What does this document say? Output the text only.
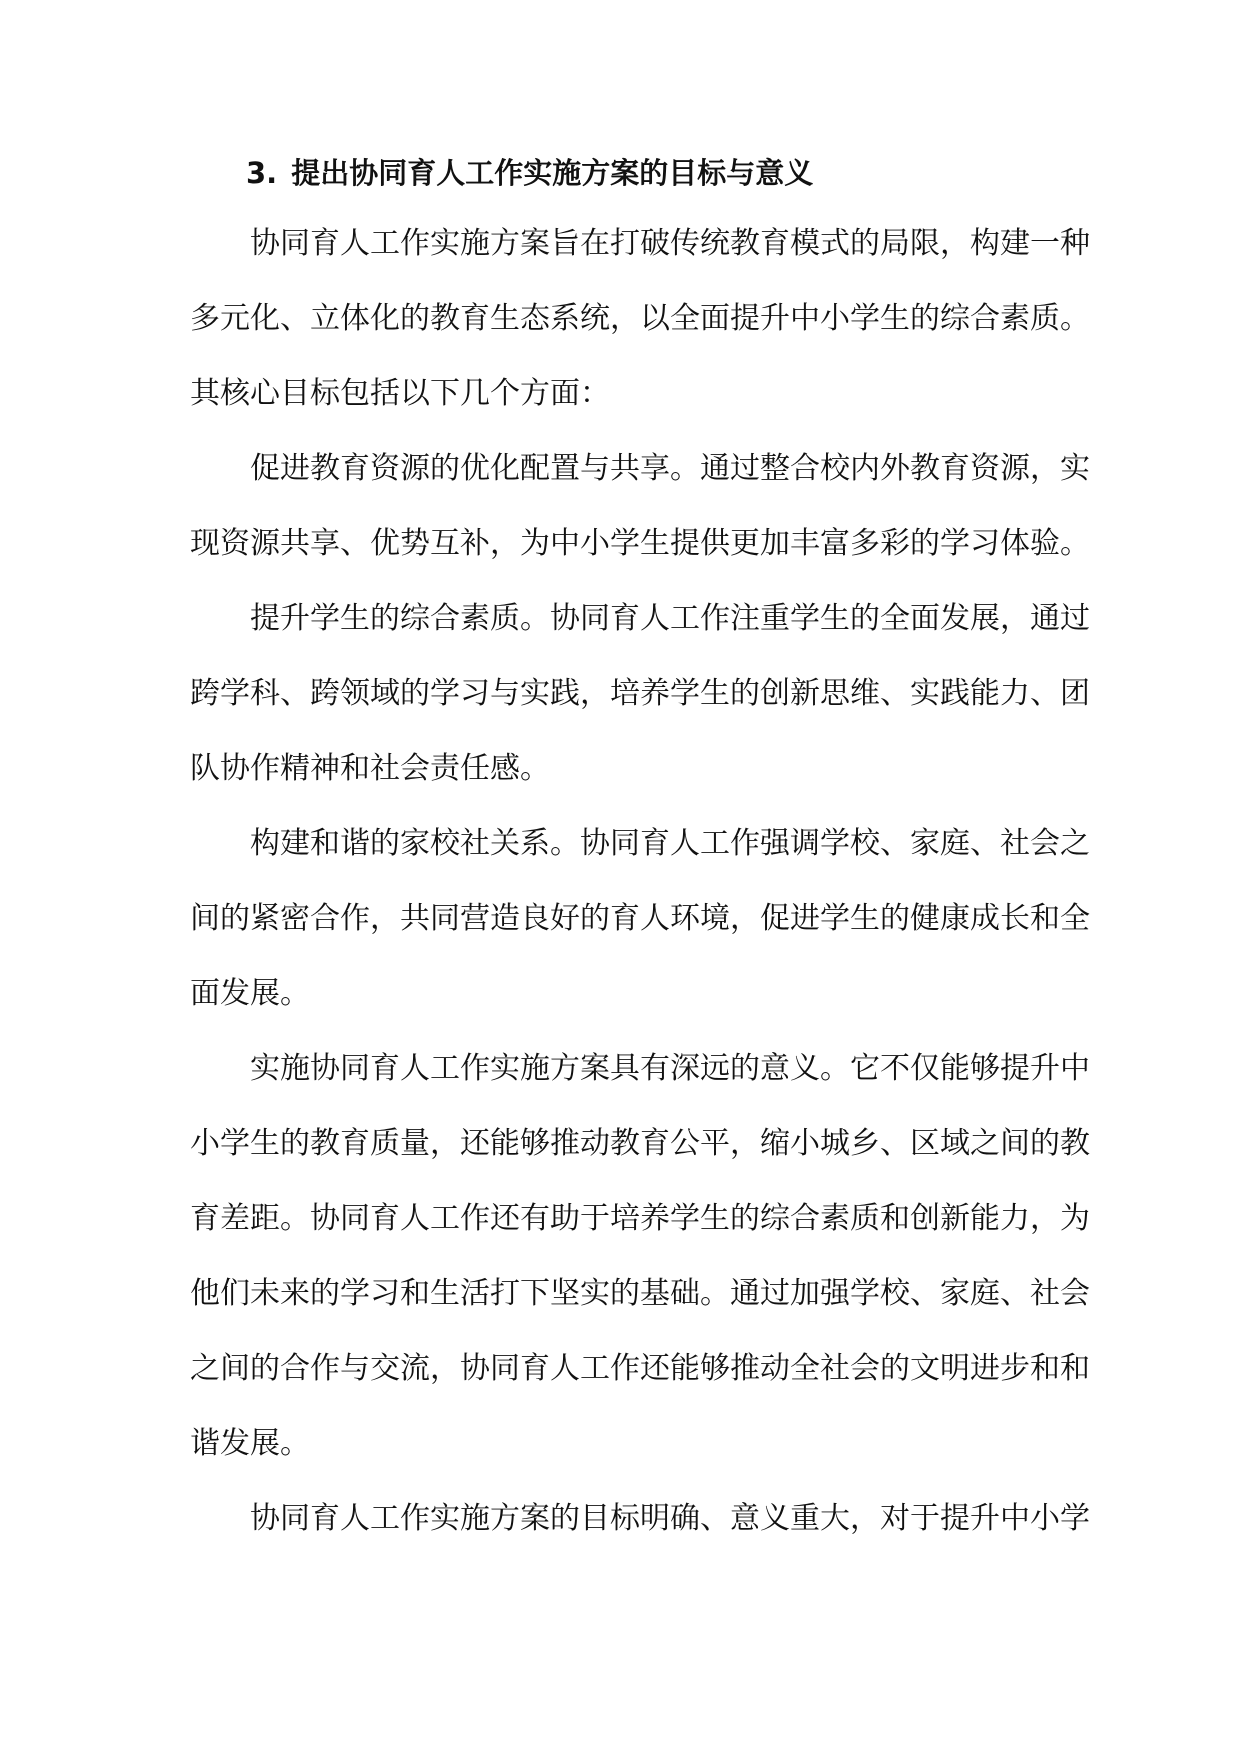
3. 提出协同育人工作实施方案的目标与意义
协同育人工作实施方案旨在打破传统教育模式的局限，构建一种
多元化、立体化的教育生态系统，以全面提升中小学生的综合素质。
其核心目标包括以下几个方面：
促进教育资源的优化配置与共享。通过整合校内外教育资源，实
现资源共享、优势互补，为中小学生提供更加丰富多彩的学习体验。
提升学生的综合素质。协同育人工作注重学生的全面发展，通过
跨学科、跨领域的学习与实践，培养学生的创新思维、实践能力、团
队协作精神和社会责任感。
构建和谐的家校社关系。协同育人工作强调学校、家庭、社会之
间的紧密合作，共同营造良好的育人环境，促进学生的健康成长和全
面发展。
实施协同育人工作实施方案具有深远的意义。它不仅能够提升中
小学生的教育质量，还能够推动教育公平，缩小城乡、区域之间的教
育差距。协同育人工作还有助于培养学生的综合素质和创新能力，为
他们未来的学习和生活打下坚实的基础。通过加强学校、家庭、社会
之间的合作与交流，协同育人工作还能够推动全社会的文明进步和和
谐发展。
协同育人工作实施方案的目标明确、意义重大，对于提升中小学
